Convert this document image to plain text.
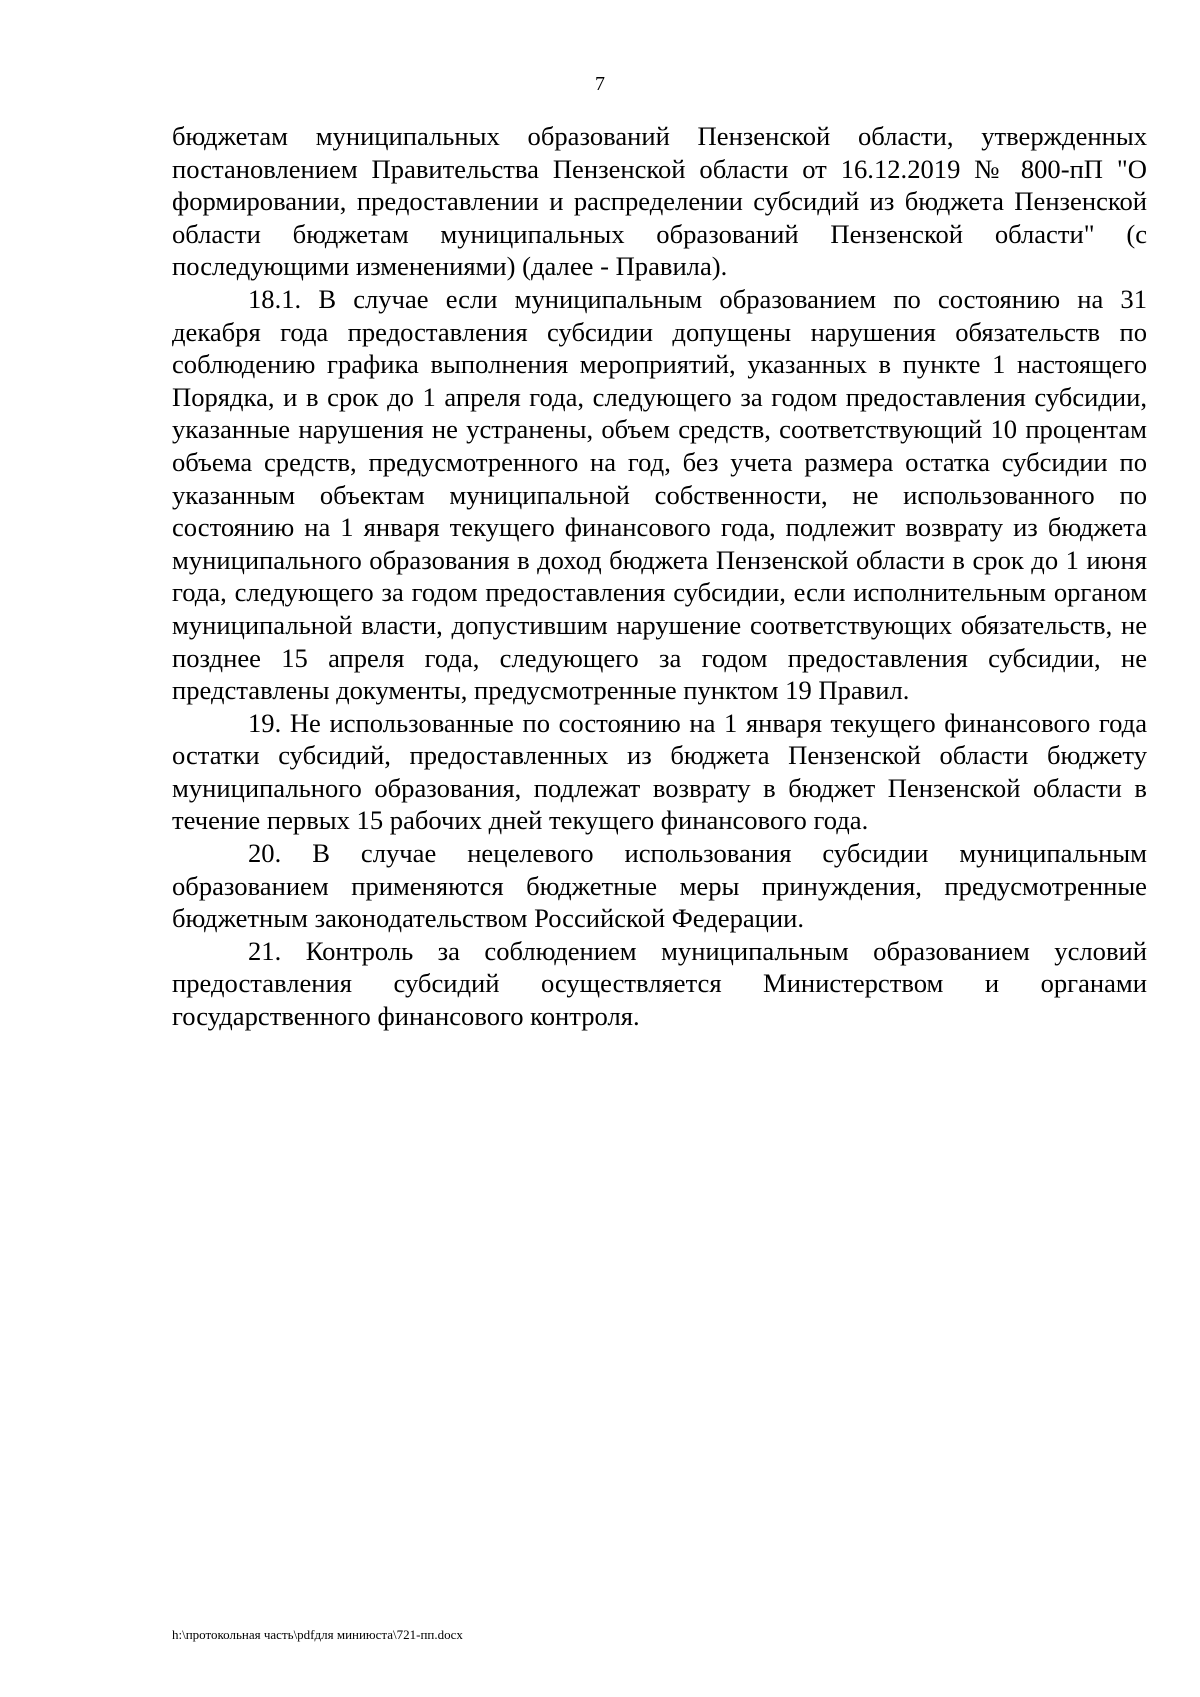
7

бюджетам муниципальных образований Пензенской области, утвержденных постановлением Правительства Пензенской области от 16.12.2019 № 800-пП "О формировании, предоставлении и распределении субсидий из бюджета Пензенской области бюджетам муниципальных образований Пензенской области" (с последующими изменениями) (далее - Правила).

18.1. В случае если муниципальным образованием по состоянию на 31 декабря года предоставления субсидии допущены нарушения обязательств по соблюдению графика выполнения мероприятий, указанных в пункте 1 настоящего Порядка, и в срок до 1 апреля года, следующего за годом предоставления субсидии, указанные нарушения не устранены, объем средств, соответствующий 10 процентам объема средств, предусмотренного на год, без учета размера остатка субсидии по указанным объектам муниципальной собственности, не использованного по состоянию на 1 января текущего финансового года, подлежит возврату из бюджета муниципального образования в доход бюджета Пензенской области в срок до 1 июня года, следующего за годом предоставления субсидии, если исполнительным органом муниципальной власти, допустившим нарушение соответствующих обязательств, не позднее 15 апреля года, следующего за годом предоставления субсидии, не представлены документы, предусмотренные пунктом 19 Правил.

19. Не использованные по состоянию на 1 января текущего финансового года остатки субсидий, предоставленных из бюджета Пензенской области бюджету муниципального образования, подлежат возврату в бюджет Пензенской области в течение первых 15 рабочих дней текущего финансового года.

20. В случае нецелевого использования субсидии муниципальным образованием применяются бюджетные меры принуждения, предусмотренные бюджетным законодательством Российской Федерации.

21. Контроль за соблюдением муниципальным образованием условий предоставления субсидий осуществляется Министерством и органами государственного финансового контроля.

h:\протокольная часть\pdfдля миниюста\721-пп.docx
